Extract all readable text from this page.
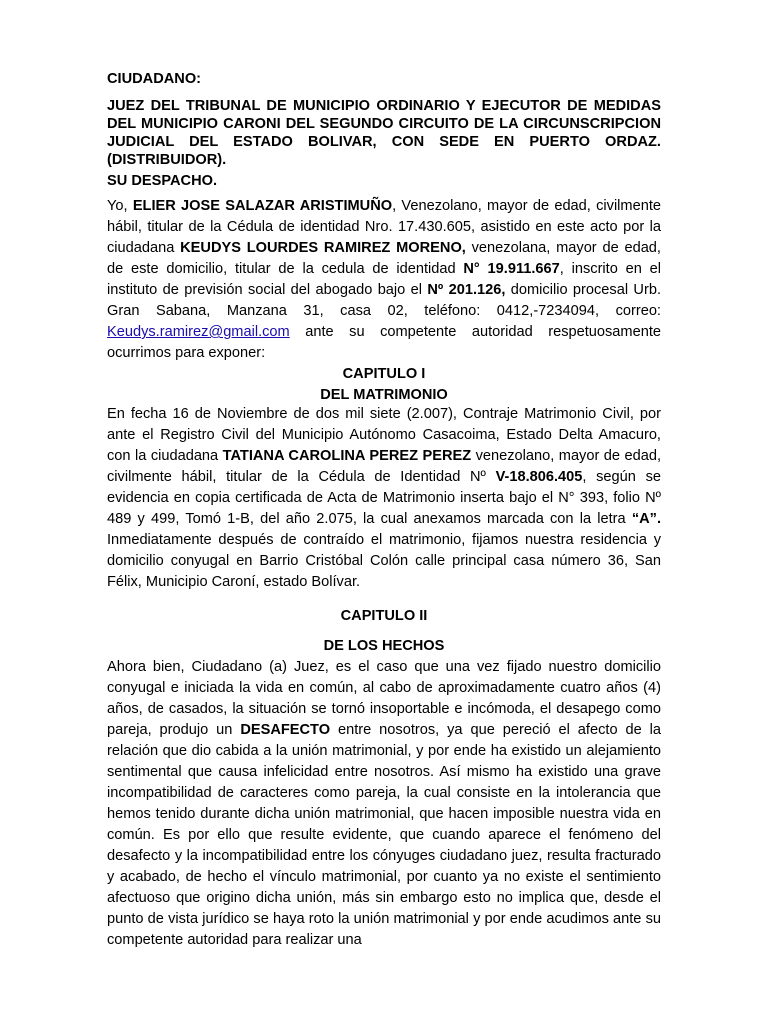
CIUDADANO:

JUEZ DEL TRIBUNAL DE MUNICIPIO ORDINARIO Y EJECUTOR DE MEDIDAS DEL MUNICIPIO CARONI DEL SEGUNDO CIRCUITO DE LA CIRCUNSCRIPCION JUDICIAL DEL ESTADO BOLIVAR, CON SEDE EN PUERTO ORDAZ. (DISTRIBUIDOR).

SU DESPACHO.

Yo, ELIER JOSE SALAZAR ARISTIMUÑO, Venezolano, mayor de edad, civilmente hábil, titular de la Cédula de identidad Nro. 17.430.605, asistido en este acto por la ciudadana KEUDYS LOURDES RAMIREZ MORENO, venezolana, mayor de edad, de este domicilio, titular de la cedula de identidad N° 19.911.667, inscrito en el instituto de previsión social del abogado bajo el Nº 201.126, domicilio procesal Urb. Gran Sabana, Manzana 31, casa 02, teléfono: 0412,-7234094, correo: Keudys.ramirez@gmail.com ante su competente autoridad respetuosamente ocurrimos para exponer:

CAPITULO I

DEL MATRIMONIO

En fecha 16 de Noviembre de dos mil siete (2.007), Contraje Matrimonio Civil, por ante el Registro Civil del Municipio Autónomo Casacoima, Estado Delta Amacuro, con la ciudadana TATIANA CAROLINA PEREZ PEREZ venezolano, mayor de edad, civilmente hábil, titular de la Cédula de Identidad Nº V-18.806.405, según se evidencia en copia certificada de Acta de Matrimonio inserta bajo el N° 393, folio Nº 489 y 499, Tomó 1-B, del año 2.075, la cual anexamos marcada con la letra “A”. Inmediatamente después de contraído el matrimonio, fijamos nuestra residencia y domicilio conyugal en Barrio Cristóbal Colón calle principal casa número 36, San Félix, Municipio Caroní, estado Bolívar.

CAPITULO II

DE LOS HECHOS

Ahora bien, Ciudadano (a) Juez, es el caso que una vez fijado nuestro domicilio conyugal e iniciada la vida en común, al cabo de aproximadamente cuatro años (4) años, de casados, la situación se tornó insoportable e incómoda, el desapego como pareja, produjo un DESAFECTO entre nosotros, ya que pereció el afecto de la relación que dio cabida a la unión matrimonial, y por ende ha existido un alejamiento sentimental que causa infelicidad entre nosotros. Así mismo ha existido una grave incompatibilidad de caracteres como pareja, la cual consiste en la intolerancia que hemos tenido durante dicha unión matrimonial, que hacen imposible nuestra vida en común. Es por ello que resulte evidente, que cuando aparece el fenómeno del desafecto y la incompatibilidad entre los cónyuges ciudadano juez, resulta fracturado y acabado, de hecho el vínculo matrimonial, por cuanto ya no existe el sentimiento afectuoso que origino dicha unión, más sin embargo esto no implica que, desde el punto de vista jurídico se haya roto la unión matrimonial y por ende acudimos ante su competente autoridad para realizar una
